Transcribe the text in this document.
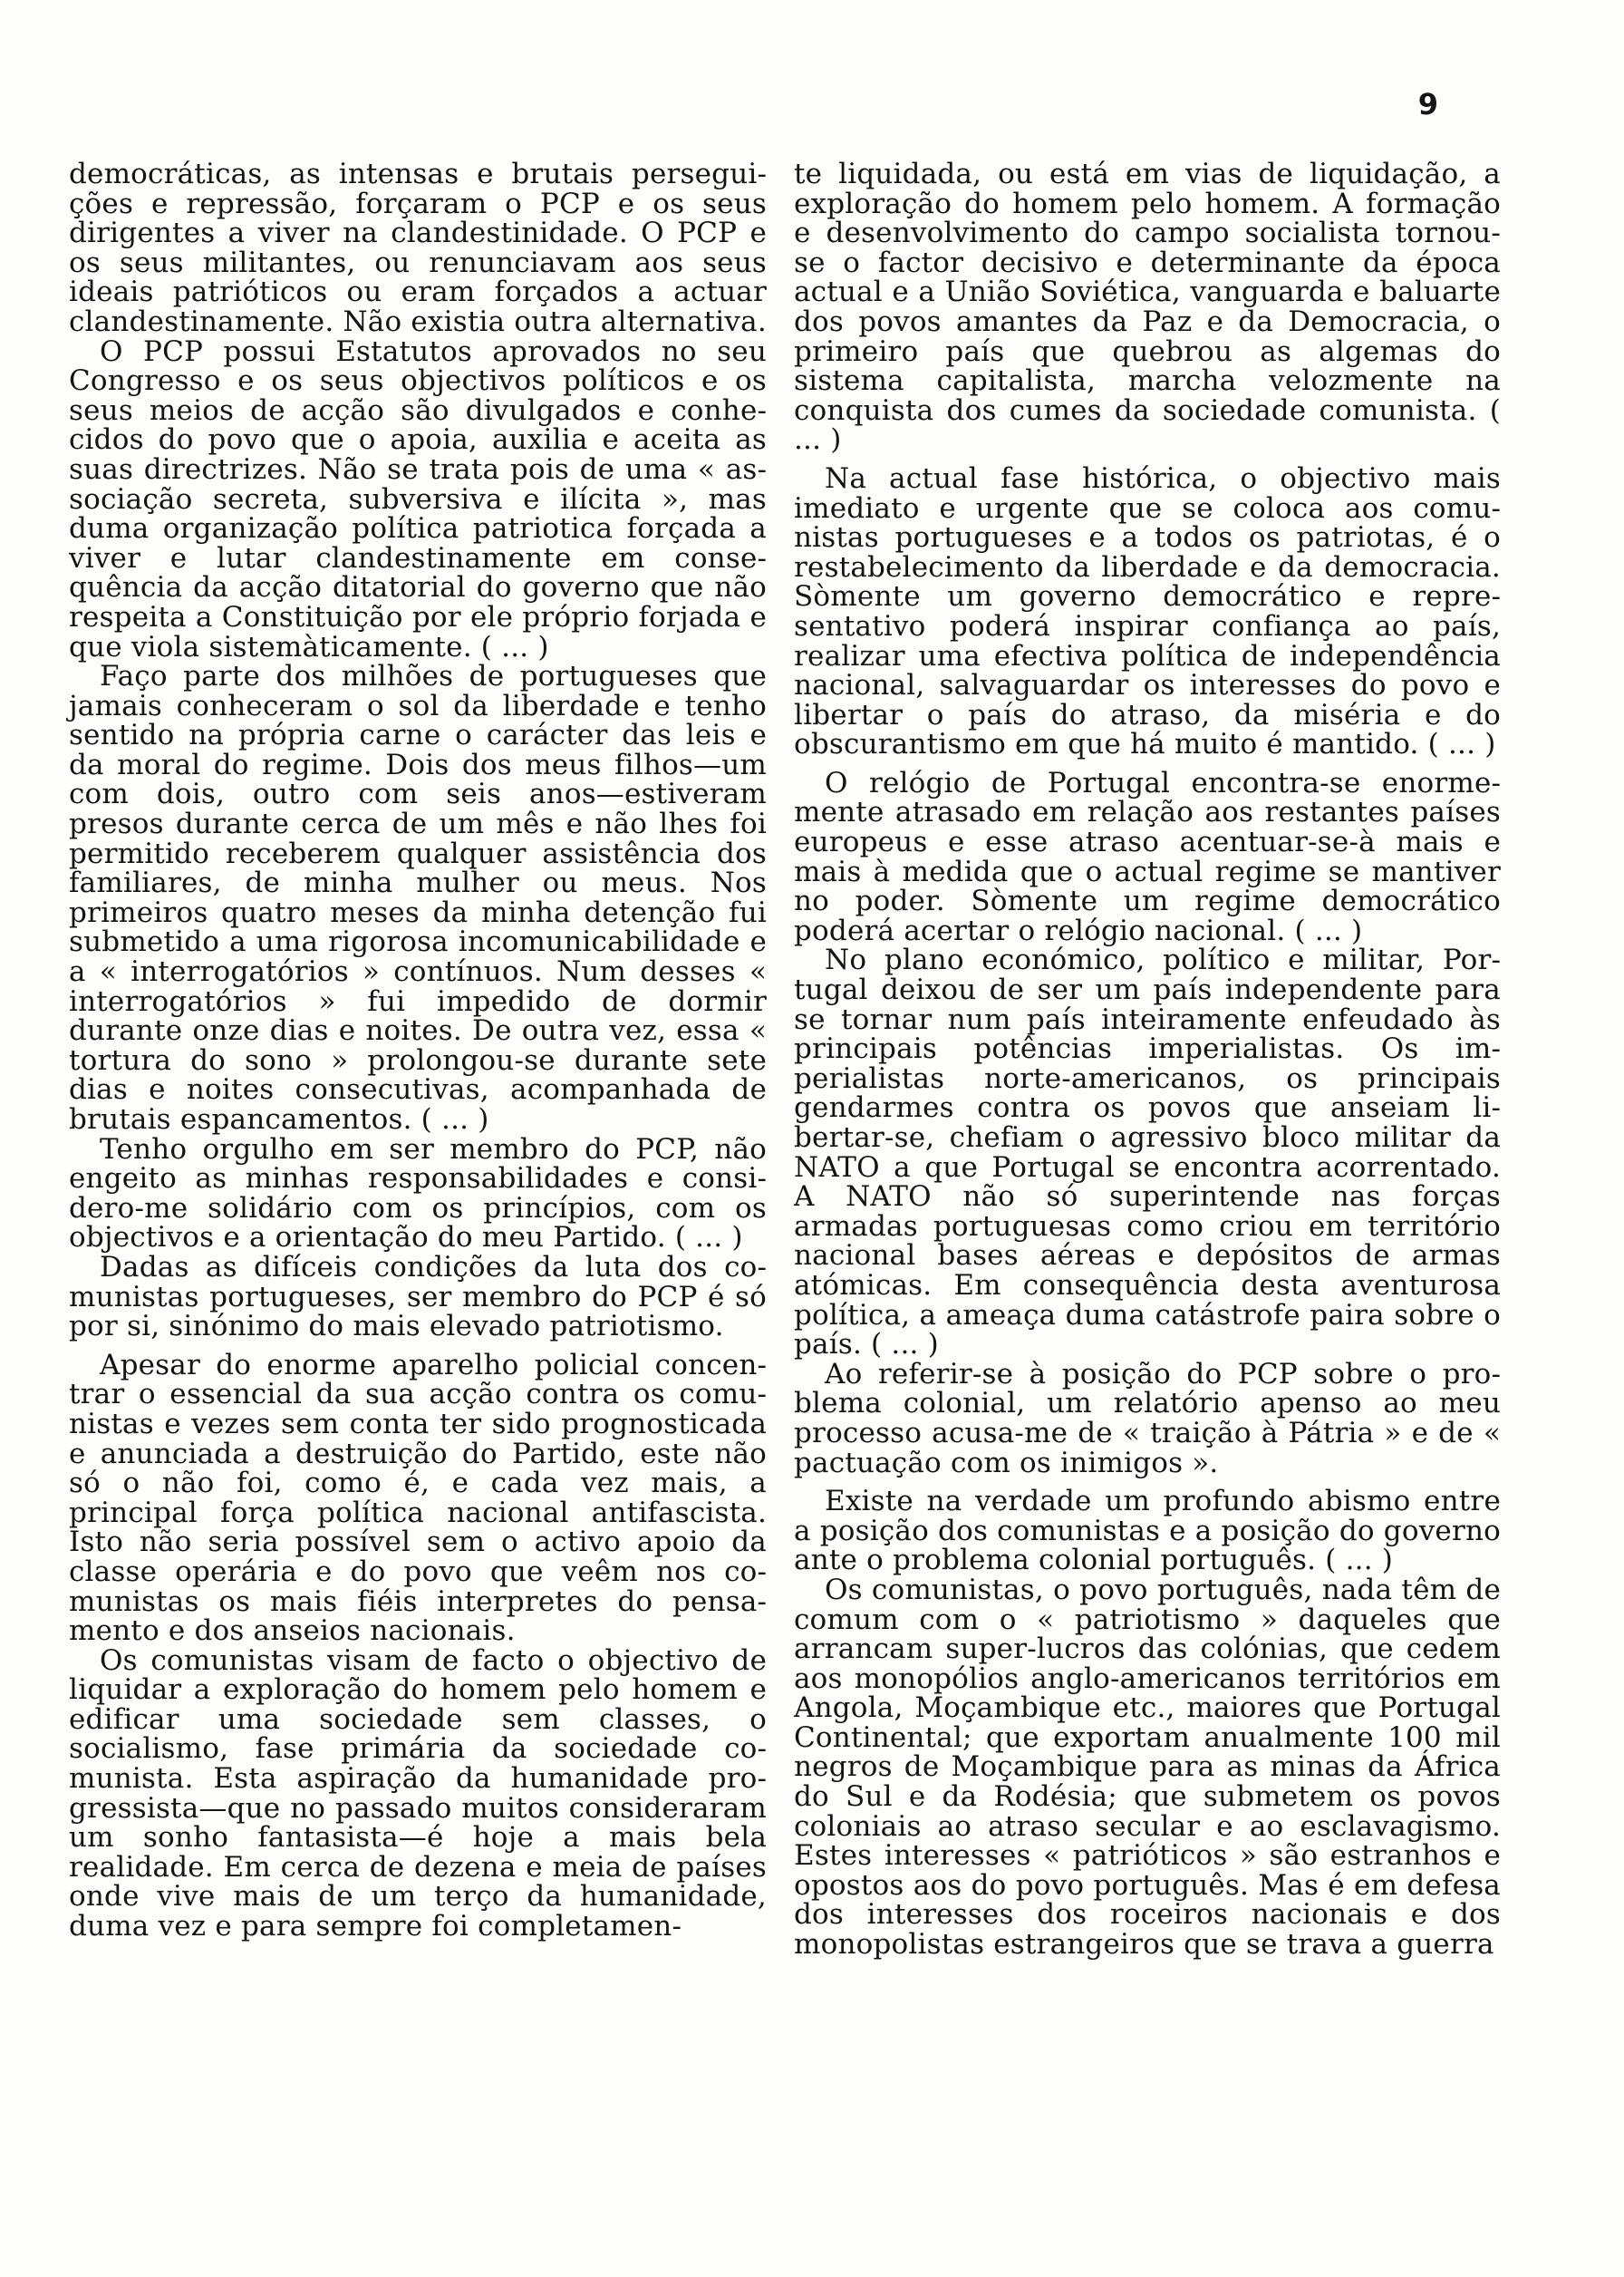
9

democráticas, as intensas e brutais perseguições e repressão, forçaram o PCP e os seus dirigentes a viver na clandestinidade. O PCP e os seus militantes, ou renunciavam aos seus ideais patrióticos ou eram forçados a actuar clandestinamente. Não existia outra alternativa.

O PCP possui Estatutos aprovados no seu Congresso e os seus objectivos políticos e os seus meios de acção são divulgados e conhecidos do povo que o apoia, auxilia e aceita as suas directrizes. Não se trata pois de uma « associação secreta, subversiva e ilícita », mas duma organização política patriotica forçada a viver e lutar clandestinamente em consequência da acção ditatorial do governo que não respeita a Constituição por ele próprio forjada e que viola sistemàticamente. ( ... )

Faço parte dos milhões de portugueses que jamais conheceram o sol da liberdade e tenho sentido na própria carne o carácter das leis e da moral do regime. Dois dos meus filhos—um com dois, outro com seis anos—estiveram presos durante cerca de um mês e não lhes foi permitido receberem qualquer assistência dos familiares, de minha mulher ou meus. Nos primeiros quatro meses da minha detenção fui submetido a uma rigorosa incomunicabilidade e a « interrogatórios » contínuos. Num desses « interrogatórios » fui impedido de dormir durante onze dias e noites. De outra vez, essa « tortura do sono » prolongou-se durante sete dias e noites consecutivas, acompanhada de brutais espancamentos. ( ... )

Tenho orgulho em ser membro do PCP, não engeito as minhas responsabilidades e considero-me solidário com os princípios, com os objectivos e a orientação do meu Partido. ( ... )

Dadas as difíceis condições da luta dos comunistas portugueses, ser membro do PCP é só por si, sinónimo do mais elevado patriotismo.

Apesar do enorme aparelho policial concentrar o essencial da sua acção contra os comunistas e vezes sem conta ter sido prognosticada e anunciada a destruição do Partido, este não só o não foi, como é, e cada vez mais, a principal força política nacional antifascista. Isto não seria possível sem o activo apoio da classe operária e do povo que veêm nos comunistas os mais fiéis interpretes do pensamento e dos anseios nacionais.

Os comunistas visam de facto o objectivo de liquidar a exploração do homem pelo homem e edificar uma sociedade sem classes, o socialismo, fase primária da sociedade comunista. Esta aspiração da humanidade progressista—que no passado muitos consideraram um sonho fantasista—é hoje a mais bela realidade. Em cerca de dezena e meia de países onde vive mais de um terço da humanidade, duma vez e para sempre foi completamen-

te liquidada, ou está em vias de liquidação, a exploração do homem pelo homem. A formação e desenvolvimento do campo socialista tornou-se o factor decisivo e determinante da época actual e a União Soviética, vanguarda e baluarte dos povos amantes da Paz e da Democracia, o primeiro país que quebrou as algemas do sistema capitalista, marcha velozmente na conquista dos cumes da sociedade comunista. ( ... )

Na actual fase histórica, o objectivo mais imediato e urgente que se coloca aos comunistas portugueses e a todos os patriotas, é o restabelecimento da liberdade e da democracia. Sòmente um governo democrático e representativo poderá inspirar confiança ao país, realizar uma efectiva política de independência nacional, salvaguardar os interesses do povo e libertar o país do atraso, da miséria e do obscurantismo em que há muito é mantido. ( ... )

O relógio de Portugal encontra-se enormemente atrasado em relação aos restantes países europeus e esse atraso acentuar-se-à mais e mais à medida que o actual regime se mantiver no poder. Sòmente um regime democrático poderá acertar o relógio nacional. ( ... )

No plano económico, político e militar, Portugal deixou de ser um país independente para se tornar num país inteiramente enfeudado às principais potências imperialistas. Os imperialistas norte-americanos, os principais gendarmes contra os povos que anseiam libertar-se, chefiam o agressivo bloco militar da NATO a que Portugal se encontra acorrentado. A NATO não só superintende nas forças armadas portuguesas como criou em território nacional bases aéreas e depósitos de armas atómicas. Em consequência desta aventurosa política, a ameaça duma catástrofe paira sobre o país. ( ... )

Ao referir-se à posição do PCP sobre o problema colonial, um relatório apenso ao meu processo acusa-me de « traição à Pátria » e de « pactuação com os inimigos ».

Existe na verdade um profundo abismo entre a posição dos comunistas e a posição do governo ante o problema colonial português. ( ... )

Os comunistas, o povo português, nada têm de comum com o « patriotismo » daqueles que arrancam super-lucros das colónias, que cedem aos monopólios anglo-americanos territórios em Angola, Moçambique etc., maiores que Portugal Continental; que exportam anualmente 100 mil negros de Moçambique para as minas da África do Sul e da Rodésia; que submetem os povos coloniais ao atraso secular e ao esclavagismo. Estes interesses « patrióticos » são estranhos e opostos aos do povo português. Mas é em defesa dos interesses dos roceiros nacionais e dos monopolistas estrangeiros que se trava a guerra
